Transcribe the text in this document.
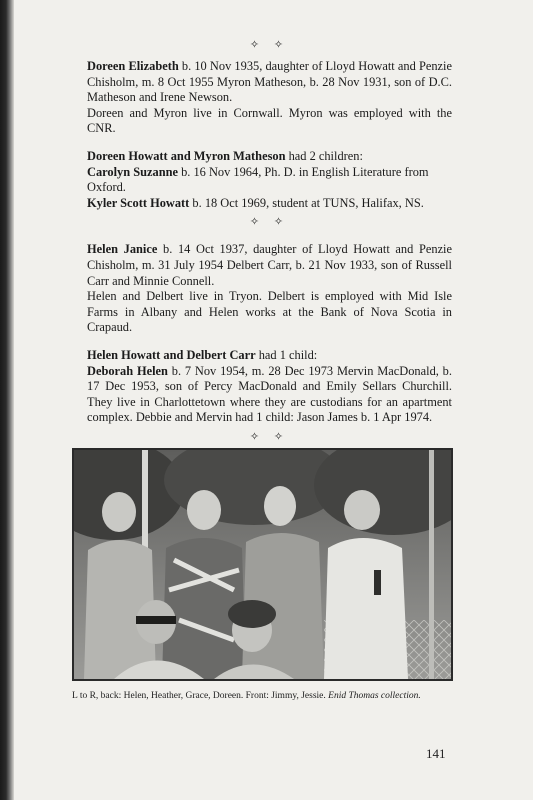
✧ ✧

Doreen Elizabeth b. 10 Nov 1935, daughter of Lloyd Howatt and Penzie Chisholm, m. 8 Oct 1955 Myron Matheson, b. 28 Nov 1931, son of D.C. Matheson and Irene Newson.

Doreen and Myron live in Cornwall. Myron was employed with the CNR.

Doreen Howatt and Myron Matheson had 2 children:

Carolyn Suzanne b. 16 Nov 1964, Ph. D. in English Literature from Oxford.

Kyler Scott Howatt b. 18 Oct 1969, student at TUNS, Halifax, NS.

✧ ✧

Helen Janice b. 14 Oct 1937, daughter of Lloyd Howatt and Penzie Chisholm, m. 31 July 1954 Delbert Carr, b. 21 Nov 1933, son of Russell Carr and Minnie Connell.

Helen and Delbert live in Tryon. Delbert is employed with Mid Isle Farms in Albany and Helen works at the Bank of Nova Scotia in Crapaud.

Helen Howatt and Delbert Carr had 1 child:

Deborah Helen b. 7 Nov 1954, m. 28 Dec 1973 Mervin MacDonald, b. 17 Dec 1953, son of Percy MacDonald and Emily Sellars Churchill. They live in Charlottetown where they are custodians for an apartment complex. Debbie and Mervin had 1 child: Jason James b. 1 Apr 1974.

✧ ✧
L to R, back: Helen, Heather, Grace, Doreen. Front: Jimmy, Jessie. Enid Thomas collection.
141
